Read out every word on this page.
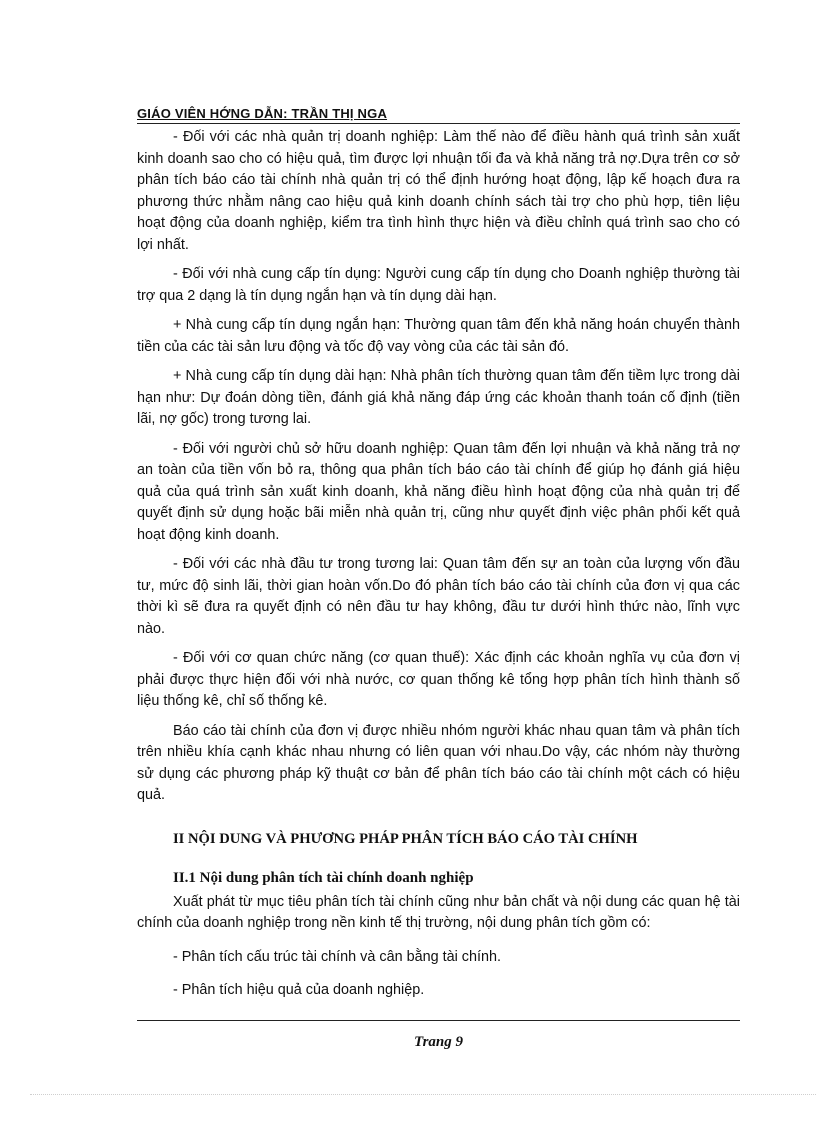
GIÁO VIÊN HỚNG DẪN: TRẦN THỊ NGA

- Đối với các nhà quản trị doanh nghiệp: Làm thế nào để điều hành quá trình sản xuất kinh doanh sao cho có hiệu quả, tìm được lợi nhuận tối đa và khả năng trả nợ.Dựa trên cơ sở phân tích báo cáo tài chính nhà quản trị có thể định hướng hoạt động, lập kế hoạch đưa ra phương thức nhằm nâng cao hiệu quả kinh doanh chính sách tài trợ cho phù hợp, tiên liệu hoạt động của doanh nghiệp, kiểm tra tình hình thực hiện và điều chỉnh quá trình sao cho có lợi nhất.

- Đối với nhà cung cấp tín dụng: Người cung cấp tín dụng cho Doanh nghiệp thường tài trợ qua 2 dạng là tín dụng ngắn hạn và tín dụng dài hạn.

+ Nhà cung cấp tín dụng ngắn hạn: Thường quan tâm đến khả năng hoán chuyển thành tiền của các tài sản lưu động và tốc độ vay vòng của các tài sản đó.

+ Nhà cung cấp tín dụng dài hạn: Nhà phân tích thường quan tâm đến tiềm lực trong dài hạn như: Dự đoán dòng tiền, đánh giá khả năng đáp ứng các khoản thanh toán cố định (tiền lãi, nợ gốc) trong tương lai.

- Đối với người chủ sở hữu doanh nghiệp: Quan tâm đến lợi nhuận và khả năng trả nợ an toàn của tiền vốn bỏ ra, thông qua phân tích báo cáo tài chính để giúp họ đánh giá hiệu quả của quá trình sản xuất kinh doanh, khả năng điều hình hoạt động của nhà quản trị để quyết định sử dụng hoặc bãi miễn nhà quản trị, cũng như quyết định việc phân phối kết quả hoạt động kinh doanh.

- Đối với các nhà đầu tư trong tương lai: Quan tâm đến sự an toàn của lượng vốn đầu tư, mức độ sinh lãi, thời gian hoàn vốn.Do đó phân tích báo cáo tài chính của đơn vị qua các thời kì sẽ đưa ra quyết định có nên đầu tư hay không, đầu tư dưới hình thức nào, lĩnh vực nào.

- Đối với cơ quan chức năng (cơ quan thuế): Xác định các khoản nghĩa vụ của đơn vị phải được thực hiện đối với nhà nước, cơ quan thống kê tổng hợp phân tích hình thành số liệu thống kê, chỉ số thống kê.

Báo cáo tài chính của đơn vị được nhiều nhóm người khác nhau quan tâm và phân tích trên nhiều khía cạnh khác nhau nhưng có liên quan với nhau.Do vậy, các nhóm này thường sử dụng các phương pháp kỹ thuật cơ bản để phân tích báo cáo tài chính một cách có hiệu quả.

II NỘI DUNG VÀ PHƯƠNG PHÁP PHÂN TÍCH BÁO CÁO TÀI CHÍNH
II.1 Nội dung phân tích tài chính doanh nghiệp

Xuất phát từ mục tiêu phân tích tài chính cũng như bản chất và nội dung các quan hệ tài chính của doanh nghiệp trong nền kinh tế thị trường, nội dung phân tích gồm có:

- Phân tích cấu trúc tài chính và cân bằng tài chính.
- Phân tích hiệu quả của doanh nghiệp.
Trang 9
